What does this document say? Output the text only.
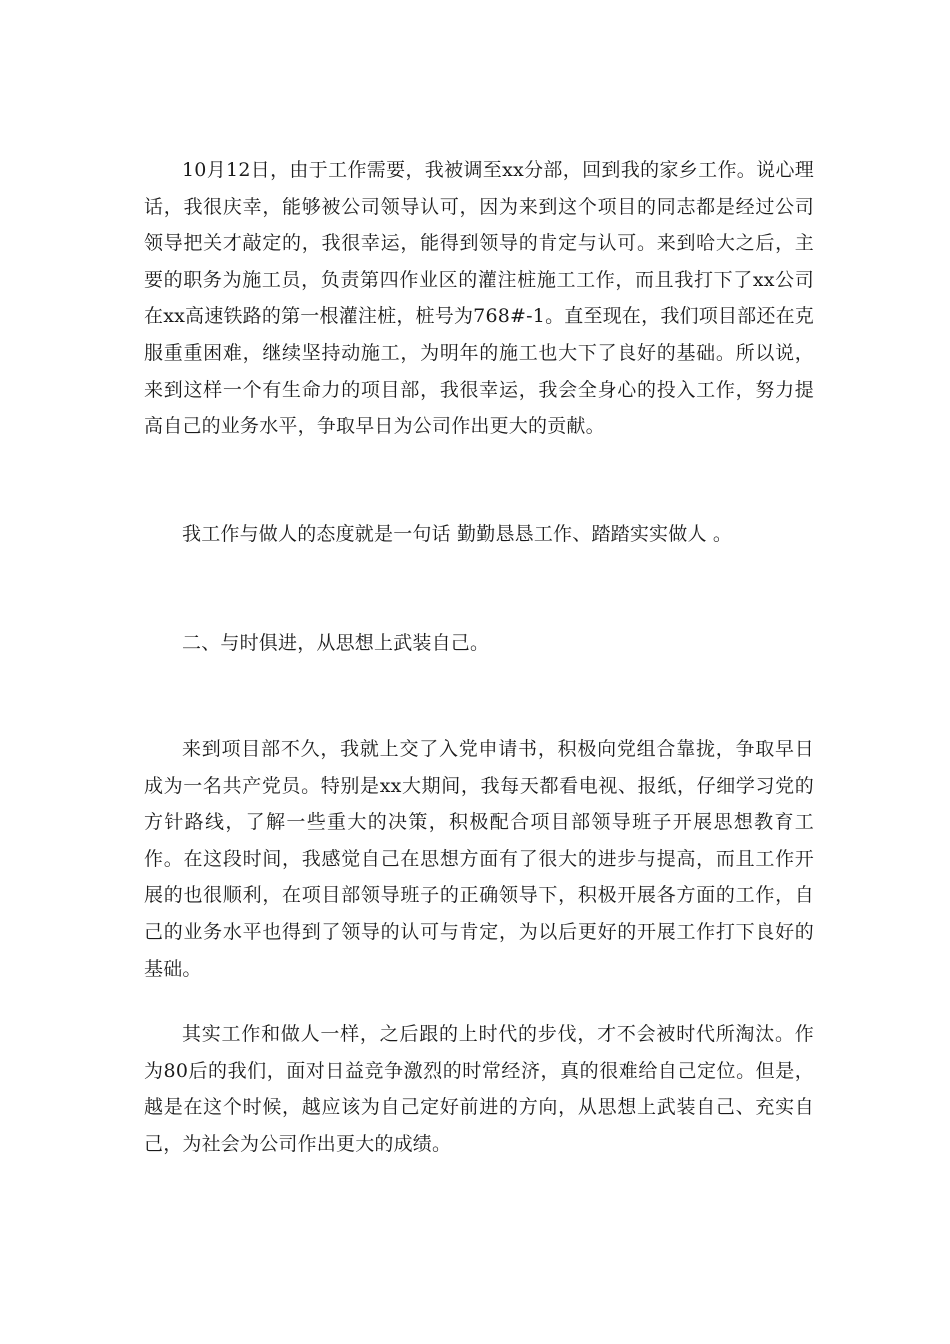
10月12日，由于工作需要，我被调至xx分部，回到我的家乡工作。说心理话，我很庆幸，能够被公司领导认可，因为来到这个项目的同志都是经过公司领导把关才敲定的，我很幸运，能得到领导的肯定与认可。来到哈大之后，主要的职务为施工员，负责第四作业区的灌注桩施工工作，而且我打下了xx公司在xx高速铁路的第一根灌注桩，桩号为768#-1。直至现在，我们项目部还在克服重重困难，继续坚持动施工，为明年的施工也大下了良好的基础。所以说，来到这样一个有生命力的项目部，我很幸运，我会全身心的投入工作，努力提高自己的业务水平，争取早日为公司作出更大的贡献。

我工作与做人的态度就是一句话 勤勤恳恳工作、踏踏实实做人 。

二、与时俱进，从思想上武装自己。

来到项目部不久，我就上交了入党申请书，积极向党组合靠拢，争取早日成为一名共产党员。特别是xx大期间，我每天都看电视、报纸，仔细学习党的方针路线，了解一些重大的决策，积极配合项目部领导班子开展思想教育工作。在这段时间，我感觉自己在思想方面有了很大的进步与提高，而且工作开展的也很顺利，在项目部领导班子的正确领导下，积极开展各方面的工作，自己的业务水平也得到了领导的认可与肯定，为以后更好的开展工作打下良好的基础。

其实工作和做人一样，之后跟的上时代的步伐，才不会被时代所淘汰。作为80后的我们，面对日益竞争激烈的时常经济，真的很难给自己定位。但是，越是在这个时候，越应该为自己定好前进的方向，从思想上武装自己、充实自己，为社会为公司作出更大的成绩。
